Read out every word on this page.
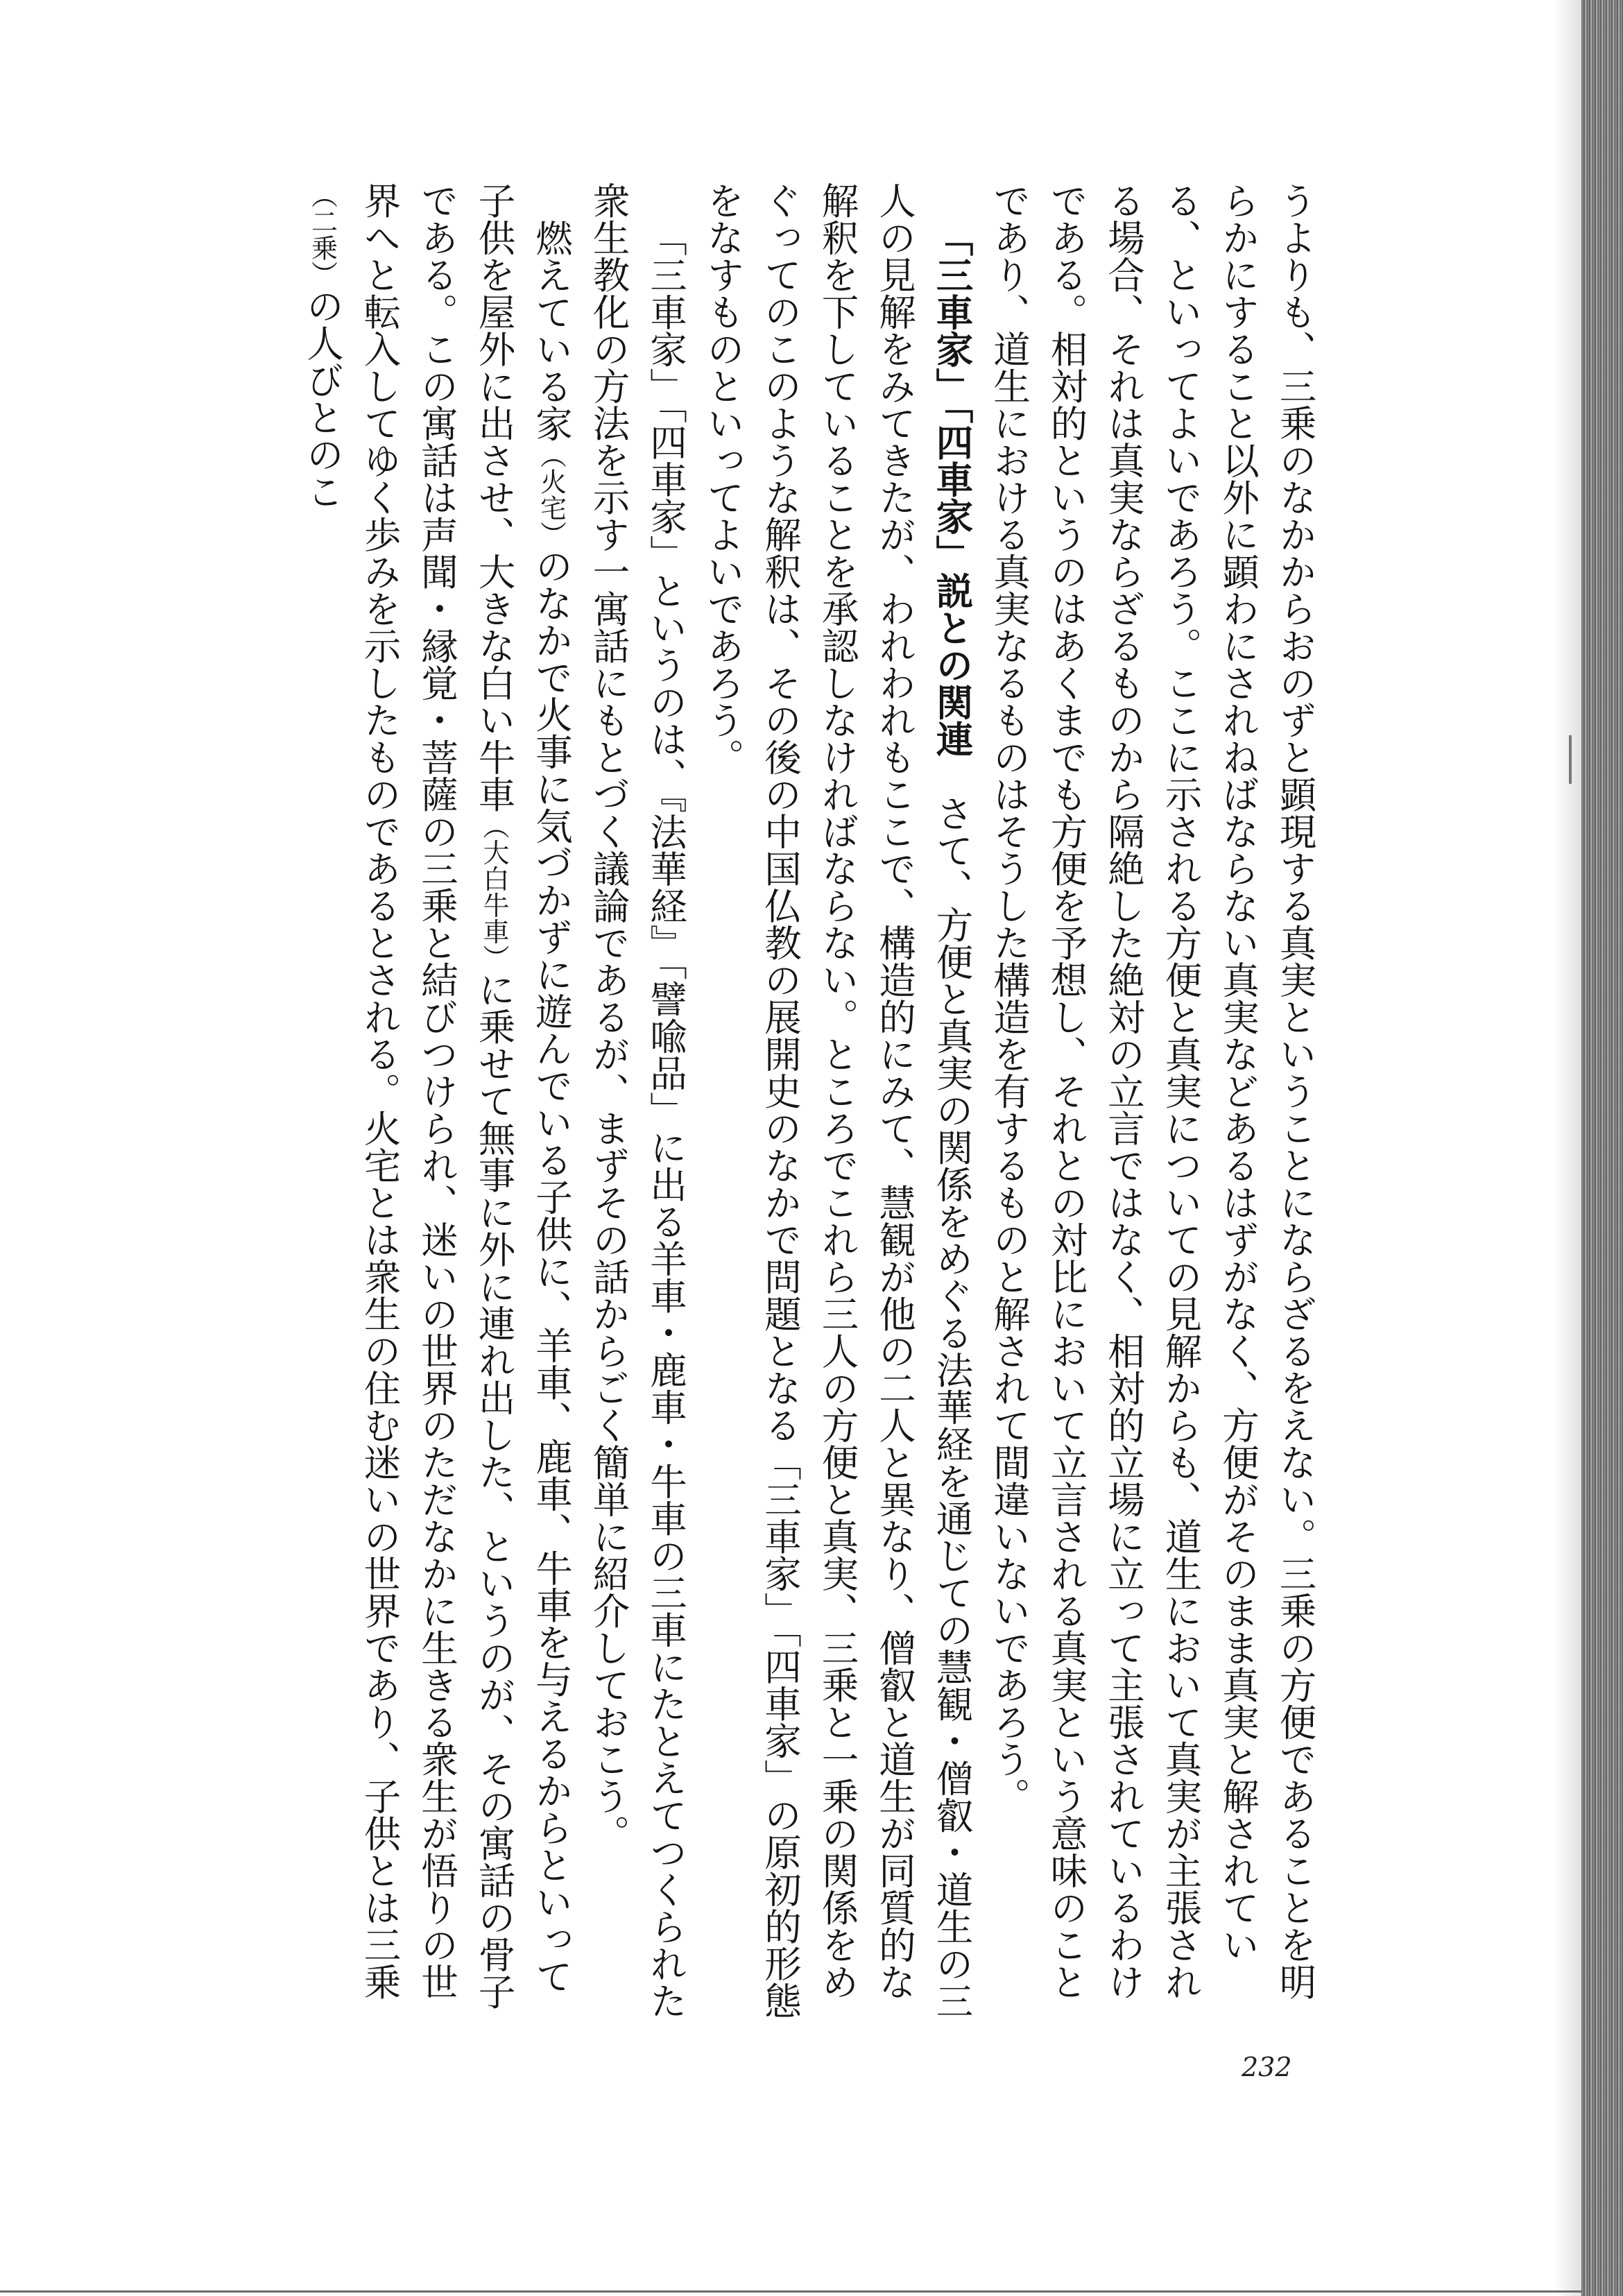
うよりも、三乗のなかからおのずと顕現する真実ということにならざるをえない。三乗の方便であることを明らかにすること以外に顕わにされねばならない真実などあるはずがなく、方便がそのまま真実と解されている、といってよいであろう。ここに示される方便と真実についての見解からも、道生において真実が主張される場合、それは真実ならざるものから隔絶した絶対の立言ではなく、相対的立場に立って主張されているわけである。相対的というのはあくまでも方便を予想し、それとの対比において立言される真実という意味のことであり、道生における真実なるものはそうした構造を有するものと解されて間違いないであろう。

「三車家」「四車家」説との関連　さて、方便と真実の関係をめぐる法華経を通じての慧観・僧叡・道生の三人の見解をみてきたが、われわれもここで、構造的にみて、慧観が他の二人と異なり、僧叡と道生が同質的な解釈を下していることを承認しなければならない。ところでこれら三人の方便と真実、三乗と一乗の関係をめぐってのこのような解釈は、その後の中国仏教の展開史のなかで問題となる「三車家」「四車家」の原初的形態をなすものといってよいであろう。

「三車家」「四車家」というのは、『法華経』「譬喩品」に出る羊車・鹿車・牛車の三車にたとえてつくられた衆生教化の方法を示す一寓話にもとづく議論であるが、まずその話からごく簡単に紹介しておこう。

燃えている家（火宅）のなかで火事に気づかずに遊んでいる子供に、羊車、鹿車、牛車を与えるからといって子供を屋外に出させ、大きな白い牛車（大白牛車）に乗せて無事に外に連れ出した、というのが、その寓話の骨子である。この寓話は声聞・縁覚・菩薩の三乗と結びつけられ、迷いの世界のただなかに生きる衆生が悟りの世界へと転入してゆく歩みを示したものであるとされる。火宅とは衆生の住む迷いの世界であり、子供とは三乗（二乗）の人びとのこ

232
